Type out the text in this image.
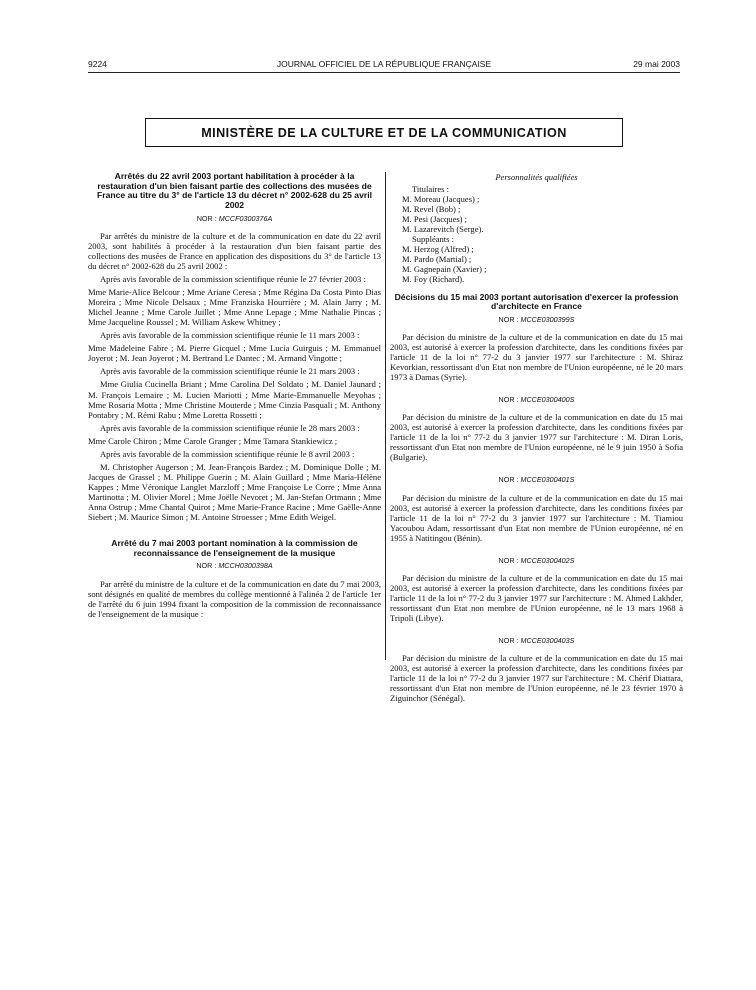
9224	JOURNAL OFFICIEL DE LA RÉPUBLIQUE FRANÇAISE	29 mai 2003
MINISTÈRE DE LA CULTURE ET DE LA COMMUNICATION
Arrêtés du 22 avril 2003 portant habilitation à procéder à la restauration d'un bien faisant partie des collections des musées de France au titre du 3° de l'article 13 du décret n° 2002-628 du 25 avril 2002
NOR : MCCF0300376A
Par arrêtés du ministre de la culture et de la communication en date du 22 avril 2003, sont habilités à procéder à la restauration d'un bien faisant partie des collections des musées de France en application des dispositions du 3° de l'article 13 du décret n° 2002-628 du 25 avril 2002 :
Après avis favorable de la commission scientifique réunie le 27 février 2003 :
Mme Marie-Alice Belcour ; Mme Ariane Ceresa ; Mme Régina Da Costa Pinto Dias Moreira ; Mme Nicole Delsaux ; Mme Franziska Hourrière ; M. Alain Jarry ; M. Michel Jeanne ; Mme Carole Juillet ; Mme Anne Lepage ; Mme Nathalie Pincas ; Mme Jacqueline Roussel ; M. William Askew Whitney ;
Après avis favorable de la commission scientifique réunie le 11 mars 2003 :
Mme Madeleine Fabre ; M. Pierre Gicquel ; Mme Lucia Guirguis ; M. Emmanuel Joyerot ; M. Jean Joyerot ; M. Bertrand Le Dantec ; M. Armand Vingotte ;
Après avis favorable de la commission scientifique réunie le 21 mars 2003 :
Mme Giulia Cucinella Briant ; Mme Carolina Del Soldato ; M. Daniel Jaunard ; M. François Lemaire ; M. Lucien Mariotti ; Mme Marie-Emmanuelle Meyohas ; Mme Rosaria Motta ; Mme Christine Mouterde ; Mme Cinzia Pasquali ; M. Anthony Pontabry ; M. Rémi Rabu ; Mme Loretta Rossetti ;
Après avis favorable de la commission scientifique réunie le 28 mars 2003 :
Mme Carole Chiron ; Mme Carole Granger ; Mme Tamara Stankiewicz ;
Après avis favorable de la commission scientifique réunie le 8 avril 2003 :
M. Christopher Augerson ; M. Jean-François Bardez ; M. Dominique Dolle ; M. Jacques de Grassel ; M. Philippe Guerin ; M. Alain Guillard ; Mme Maria-Hélène Kappes ; Mme Véronique Langlet Marzloff ; Mme Françoise Le Corre ; Mme Anna Martinotta ; M. Olivier Morel ; Mme Joëlle Nevoret ; M. Jan-Stefan Ortmann ; Mme Anna Ostrup ; Mme Chantal Quirot ; Mme Marie-France Racine ; Mme Gaëlle-Anne Siebert ; M. Maurice Simon ; M. Antoine Stroesser ; Mme Edith Weigel.
Arrêté du 7 mai 2003 portant nomination à la commission de reconnaissance de l'enseignement de la musique
NOR : MCCH0300398A
Par arrêté du ministre de la culture et de la communication en date du 7 mai 2003, sont désignés en qualité de membres du collège mentionné à l'alinéa 2 de l'article 1er de l'arrêté du 6 juin 1994 fixant la composition de la commission de reconnaissance de l'enseignement de la musique :
Personnalités qualifiées
Titulaires :
M. Moreau (Jacques) ;
M. Revel (Bob) ;
M. Pesi (Jacques) ;
M. Lazarevitch (Serge).
Suppléants :
M. Herzog (Alfred) ;
M. Pardo (Martial) ;
M. Gagnepain (Xavier) ;
M. Foy (Richard).
Décisions du 15 mai 2003 portant autorisation d'exercer la profession d'architecte en France
NOR : MCCE0300399S
Par décision du ministre de la culture et de la communication en date du 15 mai 2003, est autorisé à exercer la profession d'architecte, dans les conditions fixées par l'article 11 de la loi n° 77-2 du 3 janvier 1977 sur l'architecture : M. Shiraz Kevorkian, ressortissant d'un Etat non membre de l'Union européenne, né le 20 mars 1973 à Damas (Syrie).
NOR : MCCE0300400S
Par décision du ministre de la culture et de la communication en date du 15 mai 2003, est autorisé à exercer la profession d'architecte, dans les conditions fixées par l'article 11 de la loi n° 77-2 du 3 janvier 1977 sur l'architecture : M. Diran Loris, ressortissant d'un Etat non membre de l'Union européenne, né le 9 juin 1950 à Sofia (Bulgarie).
NOR : MCCE0300401S
Par décision du ministre de la culture et de la communication en date du 15 mai 2003, est autorisé à exercer la profession d'architecte, dans les conditions fixées par l'article 11 de la loi n° 77-2 du 3 janvier 1977 sur l'architecture : M. Tiamiou Yacoubou Adam, ressortissant d'un Etat non membre de l'Union européenne, né en 1955 à Natitingou (Bénin).
NOR : MCCE0300402S
Par décision du ministre de la culture et de la communication en date du 15 mai 2003, est autorisé à exercer la profession d'architecte, dans les conditions fixées par l'article 11 de la loi n° 77-2 du 3 janvier 1977 sur l'architecture : M. Ahmed Lakhder, ressortissant d'un Etat non membre de l'Union européenne, né le 13 mars 1968 à Tripoli (Libye).
NOR : MCCE0300403S
Par décision du ministre de la culture et de la communication en date du 15 mai 2003, est autorisé à exercer la profession d'architecte, dans les conditions fixées par l'article 11 de la loi n° 77-2 du 3 janvier 1977 sur l'architecture : M. Chérif Diattara, ressortissant d'un Etat non membre de l'Union européenne, né le 23 février 1970 à Ziguinchor (Sénégal).
